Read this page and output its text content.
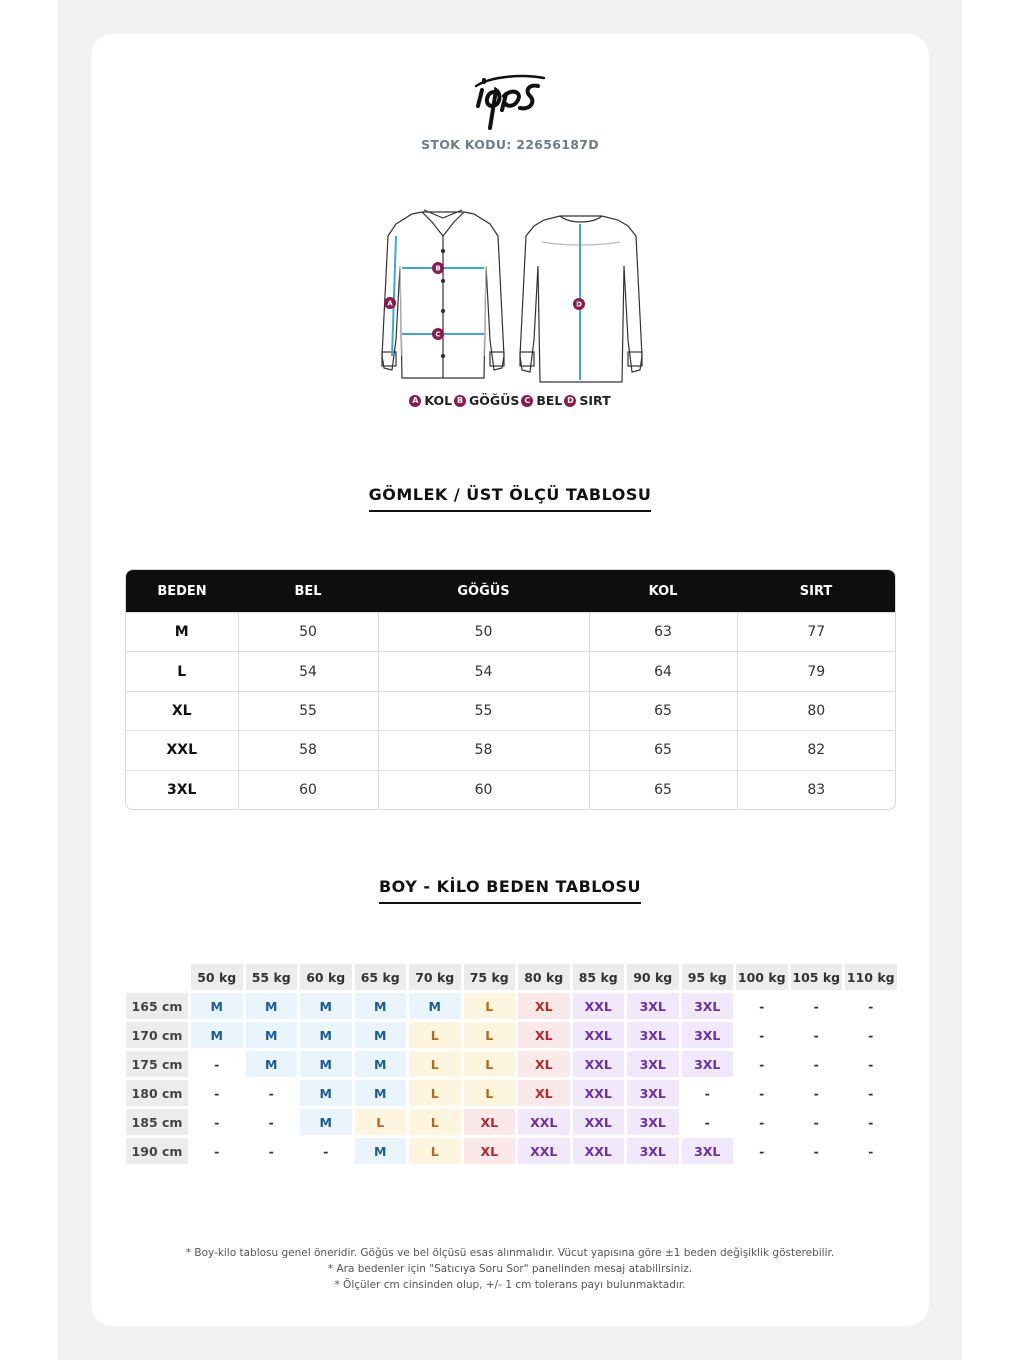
STOK KODU: 22656187D
A
B
C
D
A KOL B GÖĞÜS C BEL D SIRT
GÖMLEK / ÜST ÖLÇÜ TABLOSU
BEDEN	BEL	GÖĞÜS	KOL	SIRT
M	50	50	63	77
L	54	54	64	79
XL	55	55	65	80
XXL	58	58	65	82
3XL	60	60	65	83
BOY - KİLO BEDEN TABLOSU
	50 kg	55 kg	60 kg	65 kg	70 kg	75 kg	80 kg	85 kg	90 kg	95 kg	100 kg	105 kg	110 kg
165 cm	M	M	M	M	M	L	XL	XXL	3XL	3XL	-	-	-
170 cm	M	M	M	M	L	L	XL	XXL	3XL	3XL	-	-	-
175 cm	-	M	M	M	L	L	XL	XXL	3XL	3XL	-	-	-
180 cm	-	-	M	M	L	L	XL	XXL	3XL	-	-	-	-
185 cm	-	-	M	L	L	XL	XXL	XXL	3XL	-	-	-	-
190 cm	-	-	-	M	L	XL	XXL	XXL	3XL	3XL	-	-	-
* Boy-kilo tablosu genel öneridir. Göğüs ve bel ölçüsü esas alınmalıdır. Vücut yapısına göre ±1 beden değişiklik gösterebilir.
* Ara bedenler için "Satıcıya Soru Sor" panelinden mesaj atabilirsiniz.
* Ölçüler cm cinsinden olup, +/- 1 cm tolerans payı bulunmaktadır.
